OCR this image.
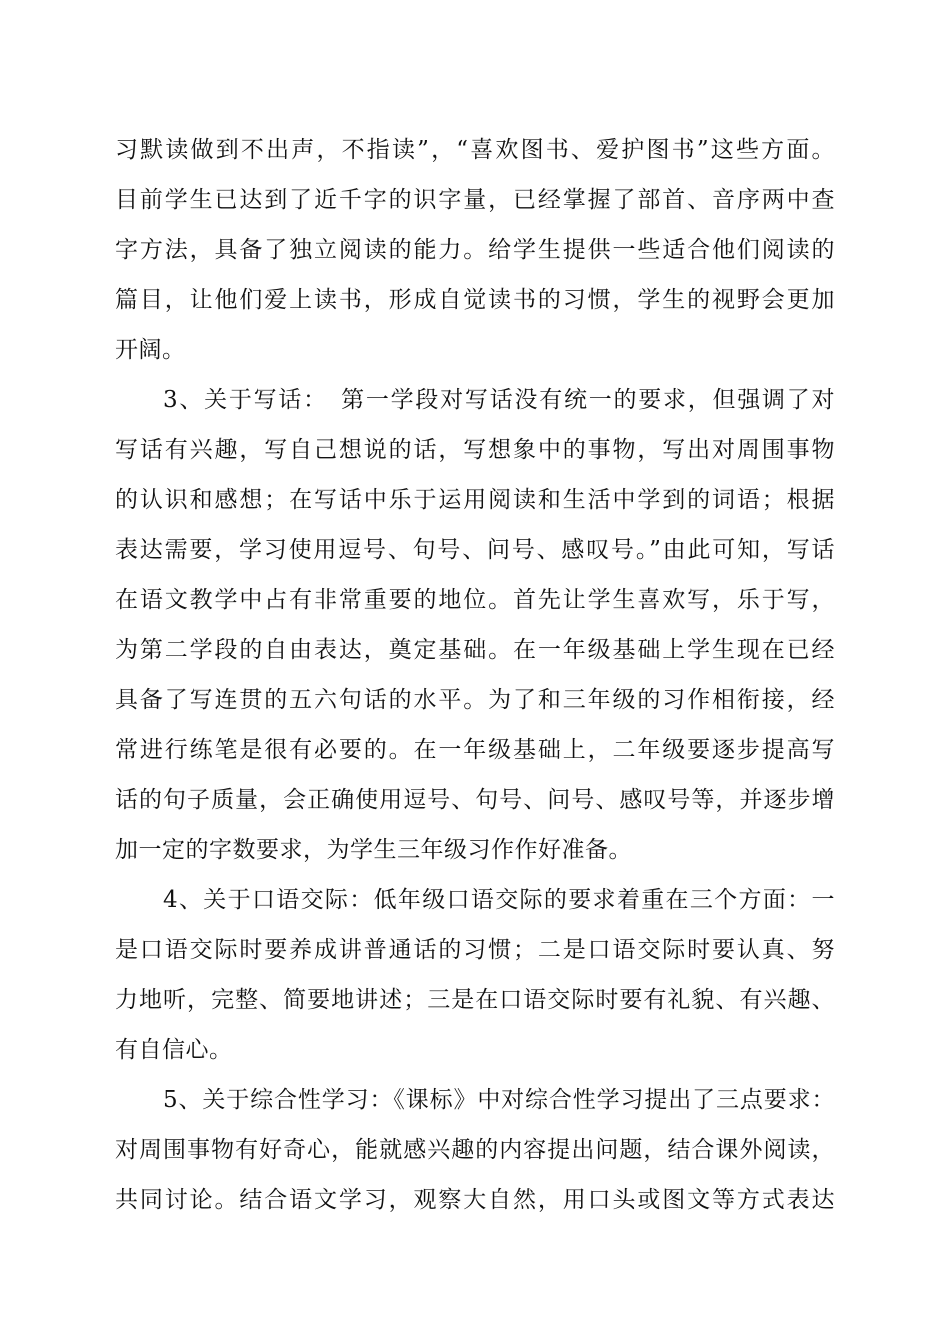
习默读做到不出声，不指读”，“喜欢图书、爱护图书”这些方面。
目前学生已达到了近千字的识字量，已经掌握了部首、音序两中查
字方法，具备了独立阅读的能力。给学生提供一些适合他们阅读的
篇目，让他们爱上读书，形成自觉读书的习惯，学生的视野会更加
开阔。
3、关于写话：　第一学段对写话没有统一的要求，但强调了对
写话有兴趣，写自己想说的话，写想象中的事物，写出对周围事物
的认识和感想；在写话中乐于运用阅读和生活中学到的词语；根据
表达需要，学习使用逗号、句号、问号、感叹号。”由此可知，写话
在语文教学中占有非常重要的地位。首先让学生喜欢写，乐于写，
为第二学段的自由表达，奠定基础。在一年级基础上学生现在已经
具备了写连贯的五六句话的水平。为了和三年级的习作相衔接，经
常进行练笔是很有必要的。在一年级基础上，二年级要逐步提高写
话的句子质量，会正确使用逗号、句号、问号、感叹号等，并逐步增
加一定的字数要求，为学生三年级习作作好准备。
4、关于口语交际：低年级口语交际的要求着重在三个方面：一
是口语交际时要养成讲普通话的习惯；二是口语交际时要认真、努
力地听，完整、简要地讲述；三是在口语交际时要有礼貌、有兴趣、
有自信心。
5、关于综合性学习：《课标》中对综合性学习提出了三点要求：
对周围事物有好奇心，能就感兴趣的内容提出问题，结合课外阅读，
共同讨论。结合语文学习，观察大自然，用口头或图文等方式表达
